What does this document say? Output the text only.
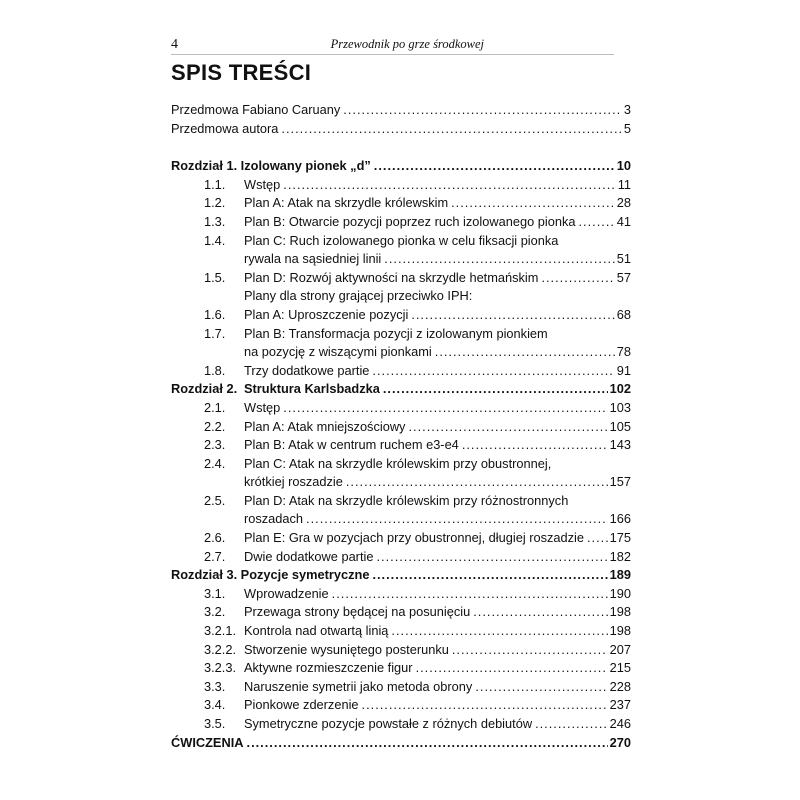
4	Przewodnik po grze środkowej
SPIS TREŚCI
Przedmowa Fabiano Caruany .....	3
Przedmowa autora .....	5
Rozdział 1. Izolowany pionek „d” .....	10
1.1.	Wstęp .....	11
1.2.	Plan A: Atak na skrzydle królewskim .....	28
1.3.	Plan B: Otwarcie pozycji poprzez ruch izolowanego pionka .....	41
1.4.	Plan C: Ruch izolowanego pionka w celu fiksacji pionka
rywala na sąsiedniej linii .....	51
1.5.	Plan D: Rozwój aktywności na skrzydle hetmańskim .....	57
Plany dla strony grającej przeciwko IPH:
1.6.	Plan A: Uproszczenie pozycji .....	68
1.7.	Plan B: Transformacja pozycji z izolowanym pionkiem
na pozycję z wiszącymi pionkami .....	78
1.8.	Trzy dodatkowe partie .....	91
Rozdział 2. Struktura Karlsbadzka .....	102
2.1.	Wstęp .....	103
2.2.	Plan A: Atak mniejszościowy .....	105
2.3.	Plan B: Atak w centrum ruchem e3-e4 .....	143
2.4.	Plan C: Atak na skrzydle królewskim przy obustronnej,
krótkiej roszadzie .....	157
2.5.	Plan D: Atak na skrzydle królewskim przy różnostronnych
roszadach .....	166
2.6.	Plan E: Gra w pozycjach przy obustronnej, długiej roszadzie ..... 175
2.7.	Dwie dodatkowe partie .....	182
Rozdział 3. Pozycje symetryczne .....	189
3.1.	Wprowadzenie .....	190
3.2.	Przewaga strony będącej na posunięciu .....	198
3.2.1. Kontrola nad otwartą linią .....	198
3.2.2. Stworzenie wysuniętego posterunku .....	207
3.2.3. Aktywne rozmieszczenie figur .....	215
3.3.	Naruszenie symetrii jako metoda obrony .....	228
3.4.	Pionkowe zderzenie .....	237
3.5.	Symetryczne pozycje powstałe z różnych debiutów .....	246
ĆWICZENIA .....	270
